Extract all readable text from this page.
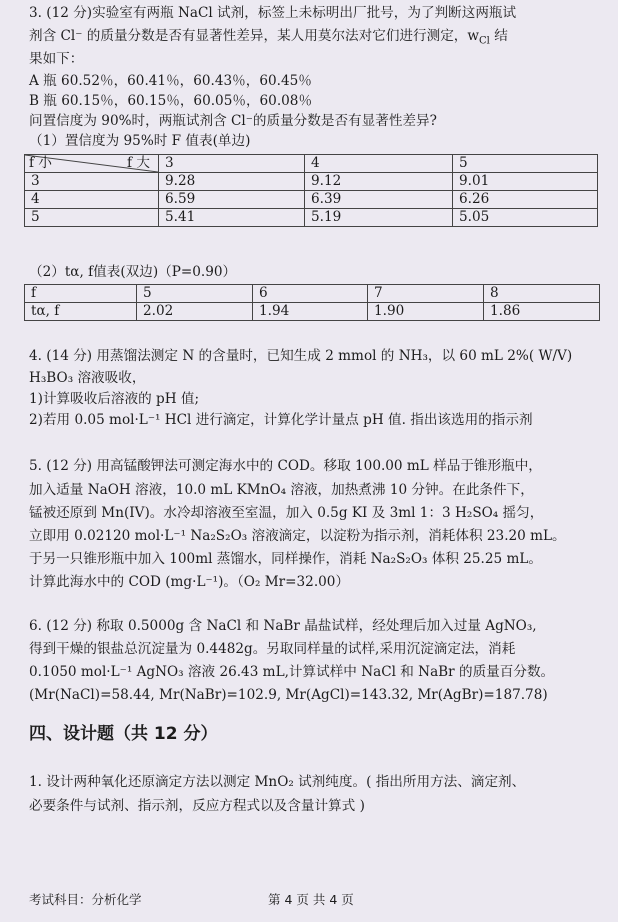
3. (12 分)实验室有两瓶 NaCl 试剂，标签上未标明出厂批号，为了判断这两瓶试
剂含 Cl⁻ 的质量分数是否有显著性差异，某人用莫尔法对它们进行测定，$w_{Cl}$ 结
果如下：
A 瓶 60.52％，60.41％，60.43％，60.45％
B 瓶 60.15％，60.15％，60.05％，60.08％
问置信度为 90%时，两瓶试剂含 Cl⁻的质量分数是否有显著性差异?
（1）置信度为 95%时 F 值表(单边)
f 小 f 大	3	4	5
3	9.28	9.12	9.01
4	6.59	6.39	6.26
5	5.41	5.19	5.05
（2）tα, f值表(双边)（P=0.90）
f	5	6	7	8
tα, f	2.02	1.94	1.90	1.86
4. (14 分) 用蒸馏法测定 N 的含量时，已知生成 2 mmol 的 NH₃，以 60 mL 2%( W/V)
H₃BO₃ 溶液吸收，
1)计算吸收后溶液的 pH 值;
2)若用 0.05 mol·L⁻¹ HCl 进行滴定，计算化学计量点 pH 值. 指出该选用的指示剂
5. (12 分) 用高锰酸钾法可测定海水中的 COD。移取 100.00 mL 样品于锥形瓶中，
加入适量 NaOH 溶液，10.0 mL KMnO₄ 溶液，加热煮沸 10 分钟。在此条件下，
锰被还原到 Mn(IV)。水冷却溶液至室温，加入 0.5g KI 及 3ml 1：3 H₂SO₄ 摇匀，
立即用 0.02120 mol·L⁻¹ Na₂S₂O₃ 溶液滴定，以淀粉为指示剂，消耗体积 23.20 mL。
于另一只锥形瓶中加入 100ml 蒸馏水，同样操作，消耗 Na₂S₂O₃ 体积 25.25 mL。
计算此海水中的 COD (mg·L⁻¹)。（O₂ Mr=32.00）
6. (12 分) 称取 0.5000g 含 NaCl 和 NaBr 晶盐试样，经处理后加入过量 AgNO₃,
得到干燥的银盐总沉淀量为 0.4482g。另取同样量的试样,采用沉淀滴定法，消耗
0.1050 mol·L⁻¹ AgNO₃ 溶液 26.43 mL,计算试样中 NaCl 和 NaBr 的质量百分数。
(Mr(NaCl)=58.44, Mr(NaBr)=102.9, Mr(AgCl)=143.32, Mr(AgBr)=187.78)
四、设计题（共 12 分）
1. 设计两种氧化还原滴定方法以测定 MnO₂ 试剂纯度。( 指出所用方法、滴定剂、
必要条件与试剂、指示剂，反应方程式以及含量计算式 )
考试科目：分析化学	第 4 页 共 4 页
